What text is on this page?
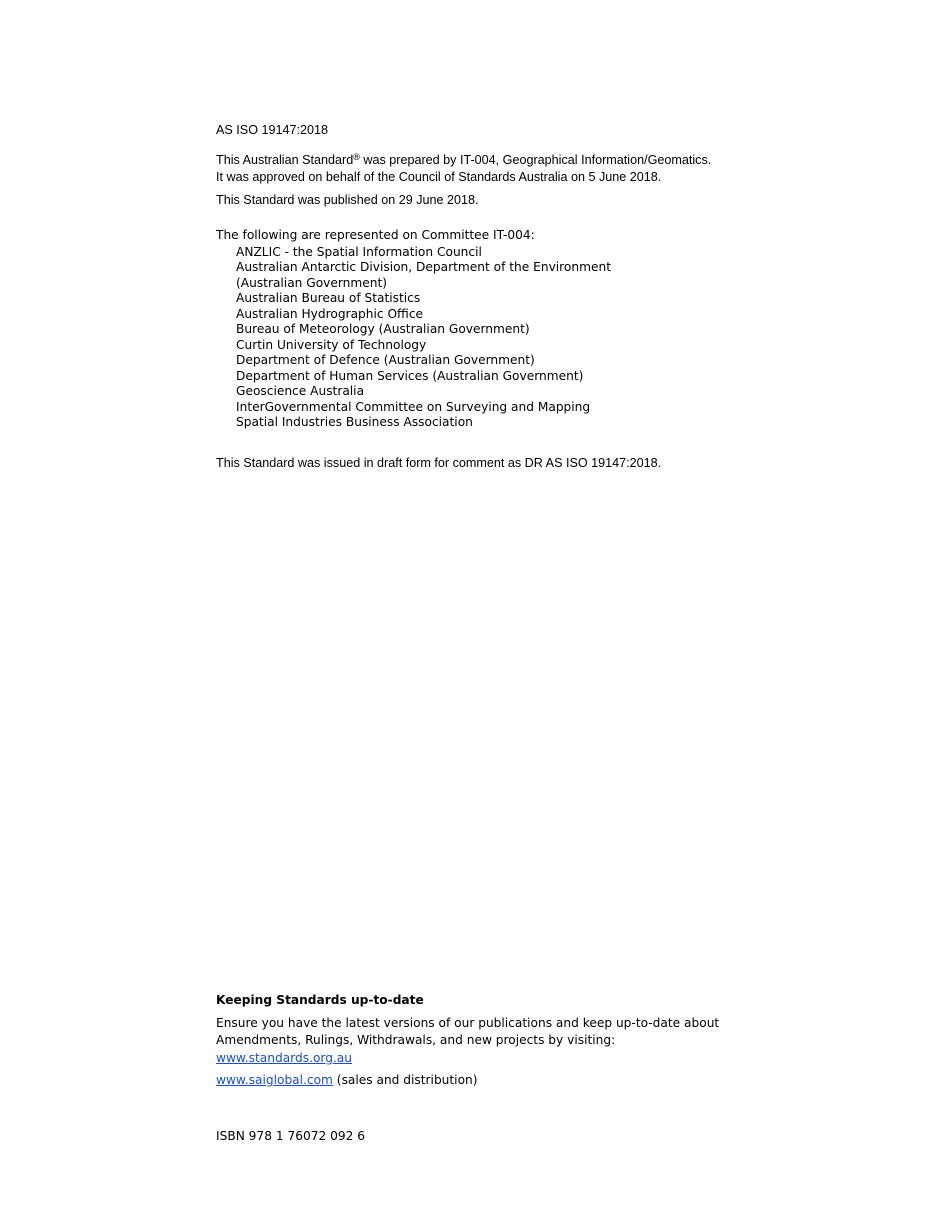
AS ISO 19147:2018
This Australian Standard® was prepared by IT-004, Geographical Information/Geomatics.
It was approved on behalf of the Council of Standards Australia on 5 June 2018.
This Standard was published on 29 June 2018.
The following are represented on Committee IT-004:
ANZLIC - the Spatial Information Council
Australian Antarctic Division, Department of the Environment
(Australian Government)
Australian Bureau of Statistics
Australian Hydrographic Office
Bureau of Meteorology (Australian Government)
Curtin University of Technology
Department of Defence (Australian Government)
Department of Human Services (Australian Government)
Geoscience Australia
InterGovernmental Committee on Surveying and Mapping
Spatial Industries Business Association
This Standard was issued in draft form for comment as DR AS ISO 19147:2018.
Keeping Standards up-to-date
Ensure you have the latest versions of our publications and keep up-to-date about
Amendments, Rulings, Withdrawals, and new projects by visiting:
www.standards.org.au
www.saiglobal.com (sales and distribution)
ISBN 978 1 76072 092 6
